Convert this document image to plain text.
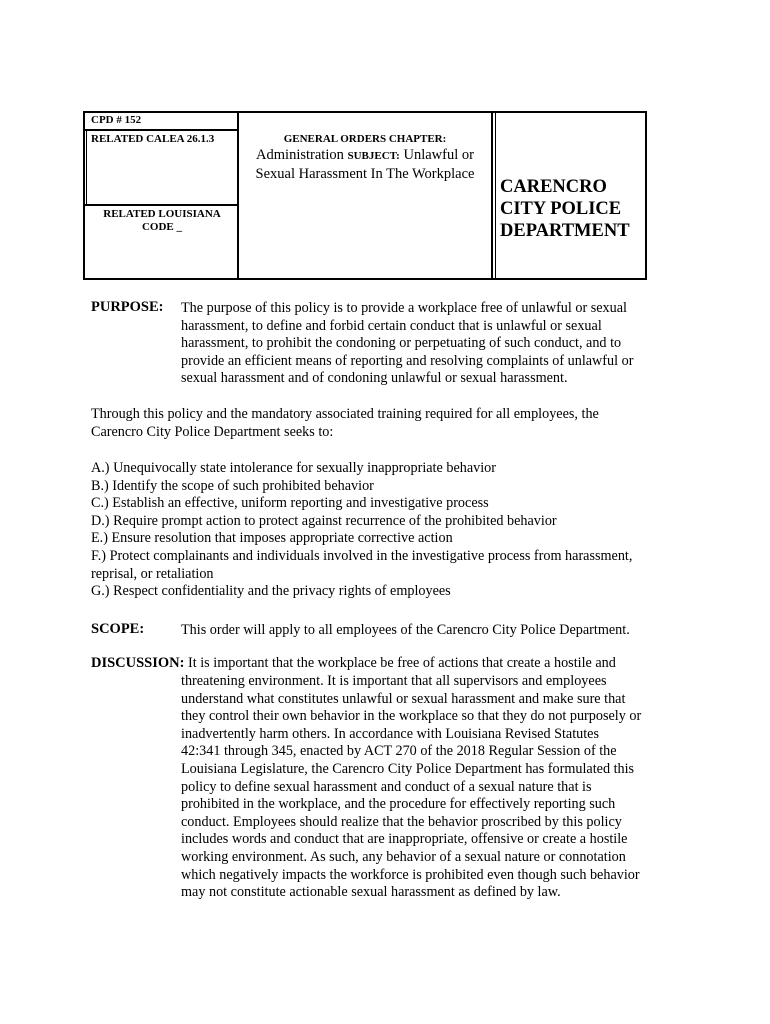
CPD # 152
RELATED CALEA 26.1.3
RELATED LOUISIANA
CODE _
GENERAL ORDERS CHAPTER:
Administration SUBJECT: Unlawful or
Sexual Harassment In The Workplace
CARENCRO
CITY POLICE
DEPARTMENT
PURPOSE: The purpose of this policy is to provide a workplace free of unlawful or sexual
harassment, to define and forbid certain conduct that is unlawful or sexual
harassment, to prohibit the condoning or perpetuating of such conduct, and to
provide an efficient means of reporting and resolving complaints of unlawful or
sexual harassment and of condoning unlawful or sexual harassment.
Through this policy and the mandatory associated training required for all employees, the
Carencro City Police Department seeks to:
A.) Unequivocally state intolerance for sexually inappropriate behavior
B.) Identify the scope of such prohibited behavior
C.) Establish an effective, uniform reporting and investigative process
D.) Require prompt action to protect against recurrence of the prohibited behavior
E.) Ensure resolution that imposes appropriate corrective action
F.) Protect complainants and individuals involved in the investigative process from harassment,
reprisal, or retaliation
G.) Respect confidentiality and the privacy rights of employees
SCOPE:	This order will apply to all employees of the Carencro City Police Department.
DISCUSSION: It is important that the workplace be free of actions that create a hostile and
threatening environment. It is important that all supervisors and employees
understand what constitutes unlawful or sexual harassment and make sure that
they control their own behavior in the workplace so that they do not purposely or
inadvertently harm others. In accordance with Louisiana Revised Statutes
42:341 through 345, enacted by ACT 270 of the 2018 Regular Session of the
Louisiana Legislature, the Carencro City Police Department has formulated this
policy to define sexual harassment and conduct of a sexual nature that is
prohibited in the workplace, and the procedure for effectively reporting such
conduct. Employees should realize that the behavior proscribed by this policy
includes words and conduct that are inappropriate, offensive or create a hostile
working environment. As such, any behavior of a sexual nature or connotation
which negatively impacts the workforce is prohibited even though such behavior
may not constitute actionable sexual harassment as defined by law.
